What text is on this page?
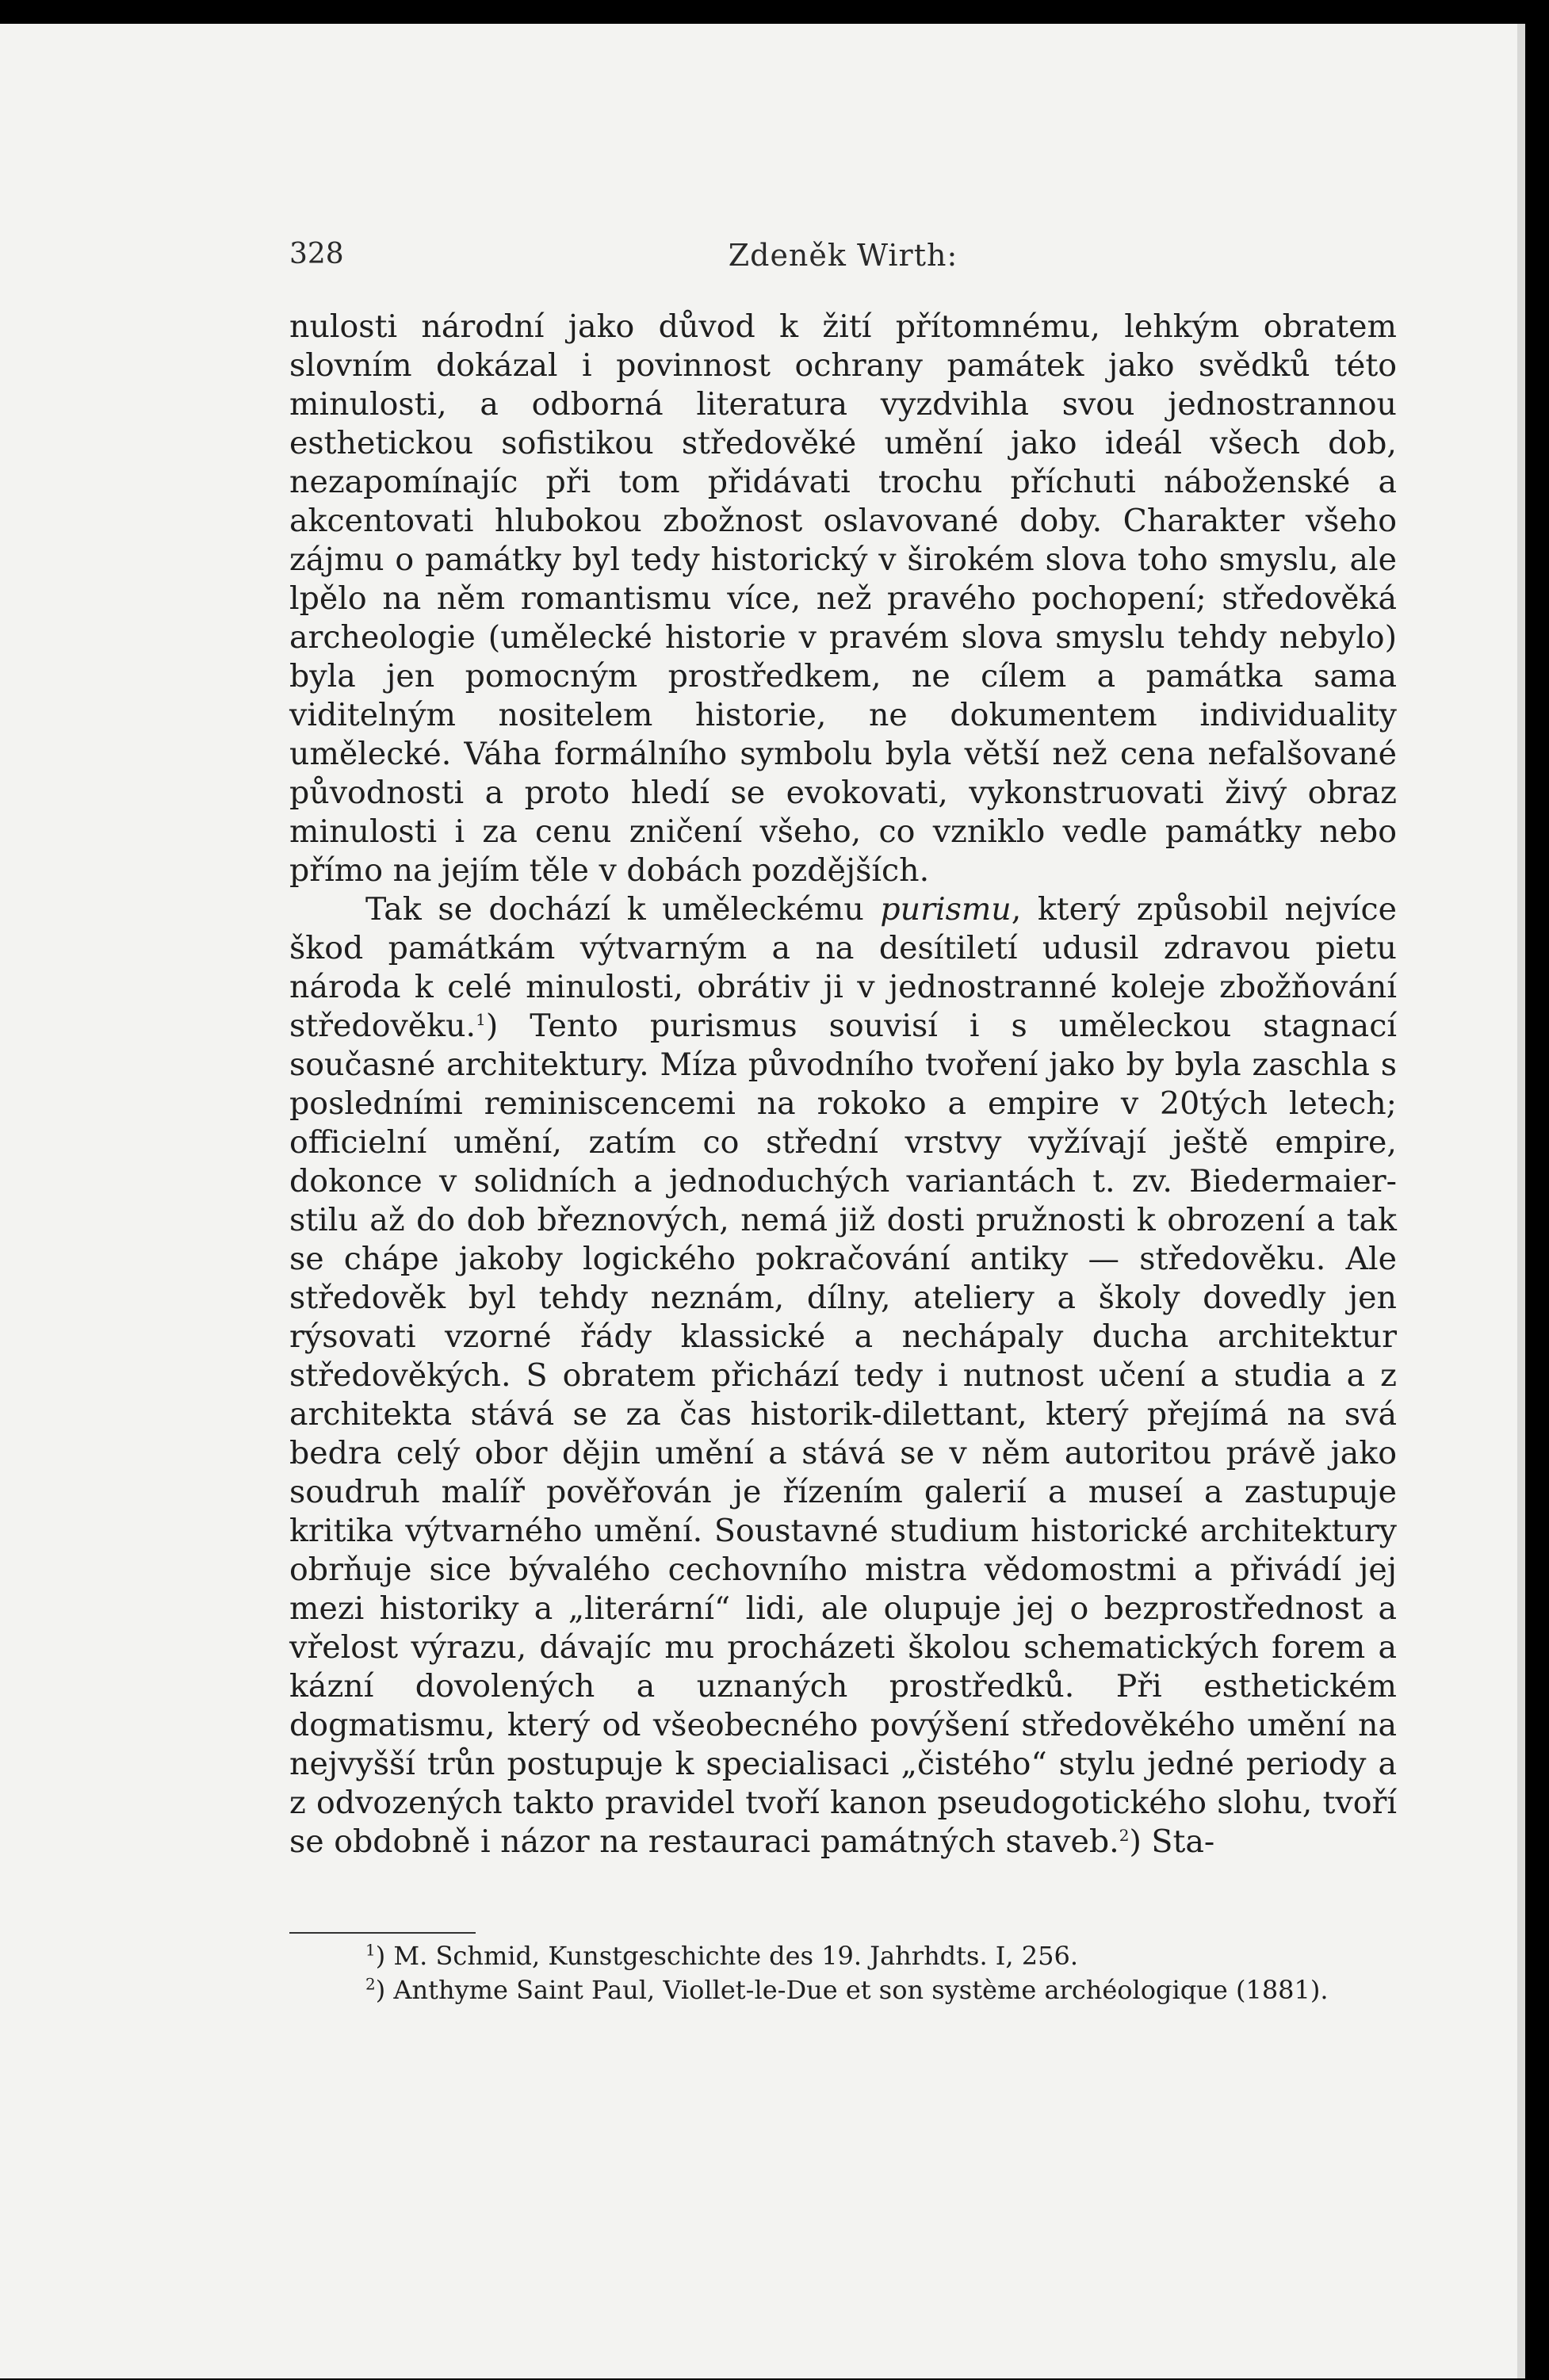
328	Zdeněk Wirth:

nulosti národní jako důvod k žití přítomnému, lehkým obratem slovním dokázal i povinnost ochrany památek jako svědků této minulosti, a odborná literatura vyzdvihla svou jednostrannou esthetickou sofistikou středověké umění jako ideál všech dob, nezapomínajíc při tom přidávati trochu příchuti náboženské a akcentovati hlubokou zbožnost oslavované doby. Charakter všeho zájmu o památky byl tedy historický v širokém slova toho smyslu, ale lpělo na něm romantismu více, než pravého pochopení; středověká archeologie (umělecké historie v pravém slova smyslu tehdy nebylo) byla jen pomocným prostředkem, ne cílem a památka sama viditelným nositelem historie, ne dokumentem individuality umělecké. Váha formálního symbolu byla větší než cena nefalšované původnosti a proto hledí se evokovati, vykonstruovati živý obraz minulosti i za cenu zničení všeho, co vzniklo vedle památky nebo přímo na jejím těle v dobách pozdějších.

Tak se dochází k uměleckému purismu, který způsobil nejvíce škod památkám výtvarným a na desítiletí udusil zdravou pietu národa k celé minulosti, obrátiv ji v jednostranné koleje zbožňování středověku.$^1$) Tento purismus souvisí i s uměleckou stagnací současné architektury. Míza původního tvoření jako by byla zaschla s posledními reminiscencemi na rokoko a empire v 20tých letech; officielní umění, zatím co střední vrstvy vyžívají ještě empire, dokonce v solidních a jednoduchých variantách t. zv. Biedermaier-stilu až do dob březnových, nemá již dosti pružnosti k obrození a tak se chápe jakoby logického pokračování antiky — středověku. Ale středověk byl tehdy neznám, dílny, ateliery a školy dovedly jen rýsovati vzorné řády klassické a nechápaly ducha architektur středověkých. S obratem přichází tedy i nutnost učení a studia a z architekta stává se za čas historik-dilettant, který přejímá na svá bedra celý obor dějin umění a stává se v něm autoritou právě jako soudruh malíř pověřován je řízením galerií a museí a zastupuje kritika výtvarného umění. Soustavné studium historické architektury obrňuje sice bývalého cechovního mistra vědomostmi a přivádí jej mezi historiky a „literární“ lidi, ale olupuje jej o bezprostřednost a vřelost výrazu, dávajíc mu procházeti školou schematických forem a kázní dovolených a uznaných prostředků. Při esthetickém dogmatismu, který od všeobecného povýšení středověkého umění na nejvyšší trůn postupuje k specialisaci „čistého“ stylu jedné periody a z odvozených takto pravidel tvoří kanon pseudogotického slohu, tvoří se obdobně i názor na restauraci památných staveb.$^2$) Sta-

$^1$) M. Schmid, Kunstgeschichte des 19. Jahrhdts. I, 256.

$^2$) Anthyme Saint Paul, Viollet-le-Due et son système archéologique (1881).
